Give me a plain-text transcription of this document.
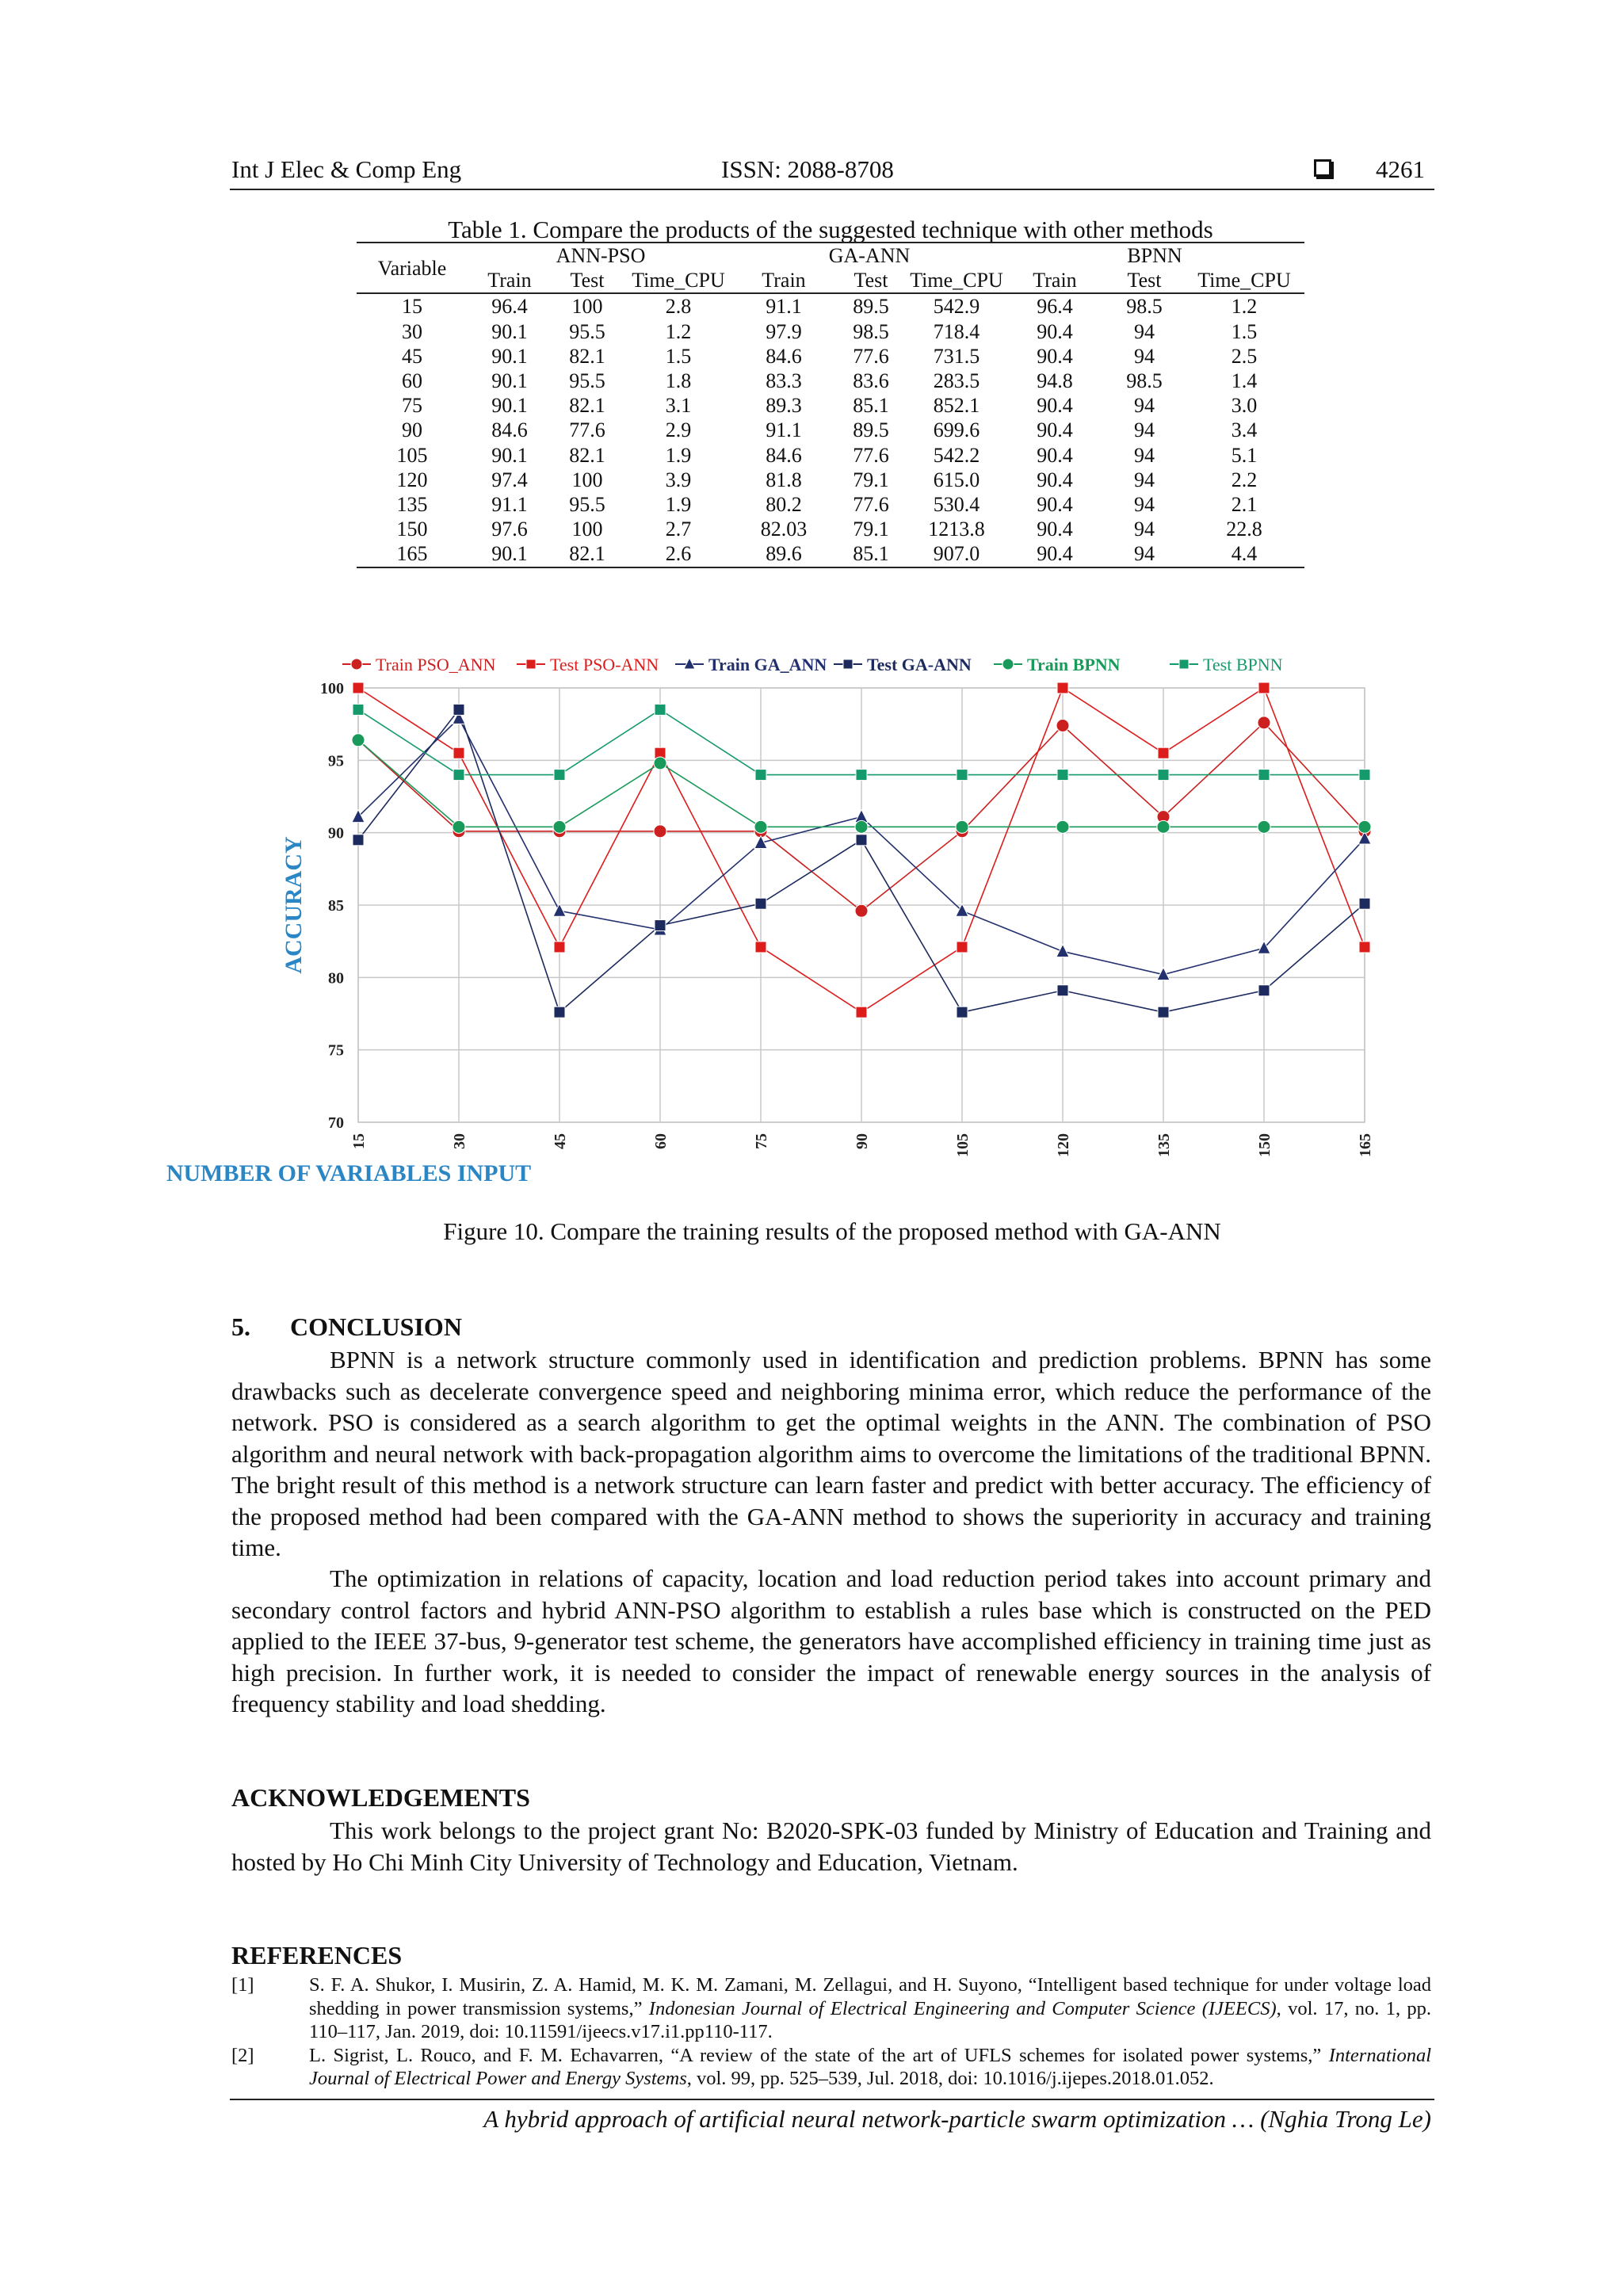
Int J Elec & Comp Eng	ISSN: 2088-8708	4261
Table 1. Compare the products of the suggested technique with other methods
Variable	ANN-PSO			GA-ANN			BPNN		
	Train	Test	Time_CPU	Train	Test	Time_CPU	Train	Test	Time_CPU
15	96.4	100	2.8	91.1	89.5	542.9	96.4	98.5	1.2
30	90.1	95.5	1.2	97.9	98.5	718.4	90.4	94	1.5
45	90.1	82.1	1.5	84.6	77.6	731.5	90.4	94	2.5
60	90.1	95.5	1.8	83.3	83.6	283.5	94.8	98.5	1.4
75	90.1	82.1	3.1	89.3	85.1	852.1	90.4	94	3.0
90	84.6	77.6	2.9	91.1	89.5	699.6	90.4	94	3.4
105	90.1	82.1	1.9	84.6	77.6	542.2	90.4	94	5.1
120	97.4	100	3.9	81.8	79.1	615.0	90.4	94	2.2
135	91.1	95.5	1.9	80.2	77.6	530.4	90.4	94	2.1
150	97.6	100	2.7	82.03	79.1	1213.8	90.4	94	22.8
165	90.1	82.1	2.6	89.6	85.1	907.0	90.4	94	4.4
70
75
80
85
90
95
100
15	30	45	60	75	90	105	120	135	150	165
Train PSO_ANN	Test PSO-ANN	Train GA_ANN Test GA-ANN	Train BPNN	Test BPNN
NUMBER OF VARIABLES INPUT
ACCURACY
Figure 10. Compare the training results of the proposed method with GA-ANN
5. CONCLUSION

BPNN is a network structure commonly used in identification and prediction problems. BPNN has some drawbacks such as decelerate convergence speed and neighboring minima error, which reduce the performance of the network. PSO is considered as a search algorithm to get the optimal weights in the ANN. The combination of PSO algorithm and neural network with back-propagation algorithm aims to overcome the limitations of the traditional BPNN. The bright result of this method is a network structure can learn faster and predict with better accuracy. The efficiency of the proposed method had been compared with the GA-ANN method to shows the superiority in accuracy and training time.

The optimization in relations of capacity, location and load reduction period takes into account primary and secondary control factors and hybrid ANN-PSO algorithm to establish a rules base which is constructed on the PED applied to the IEEE 37-bus, 9-generator test scheme, the generators have accomplished efficiency in training time just as high precision. In further work, it is needed to consider the impact of renewable energy sources in the analysis of frequency stability and load shedding.

ACKNOWLEDGEMENTS

This work belongs to the project grant No: B2020-SPK-03 funded by Ministry of Education and Training and hosted by Ho Chi Minh City University of Technology and Education, Vietnam.

REFERENCES

[1]	S. F. A. Shukor, I. Musirin, Z. A. Hamid, M. K. M. Zamani, M. Zellagui, and H. Suyono, “Intelligent based technique for under voltage load shedding in power transmission systems,” Indonesian Journal of Electrical Engineering and Computer Science (IJEECS), vol. 17, no. 1, pp. 110–117, Jan. 2019, doi: 10.11591/ijeecs.v17.i1.pp110-117.

[2]	L. Sigrist, L. Rouco, and F. M. Echavarren, “A review of the state of the art of UFLS schemes for isolated power systems,” International Journal of Electrical Power and Energy Systems, vol. 99, pp. 525–539, Jul. 2018, doi: 10.1016/j.ijepes.2018.01.052.

A hybrid approach of artificial neural network-particle swarm optimization … (Nghia Trong Le)
